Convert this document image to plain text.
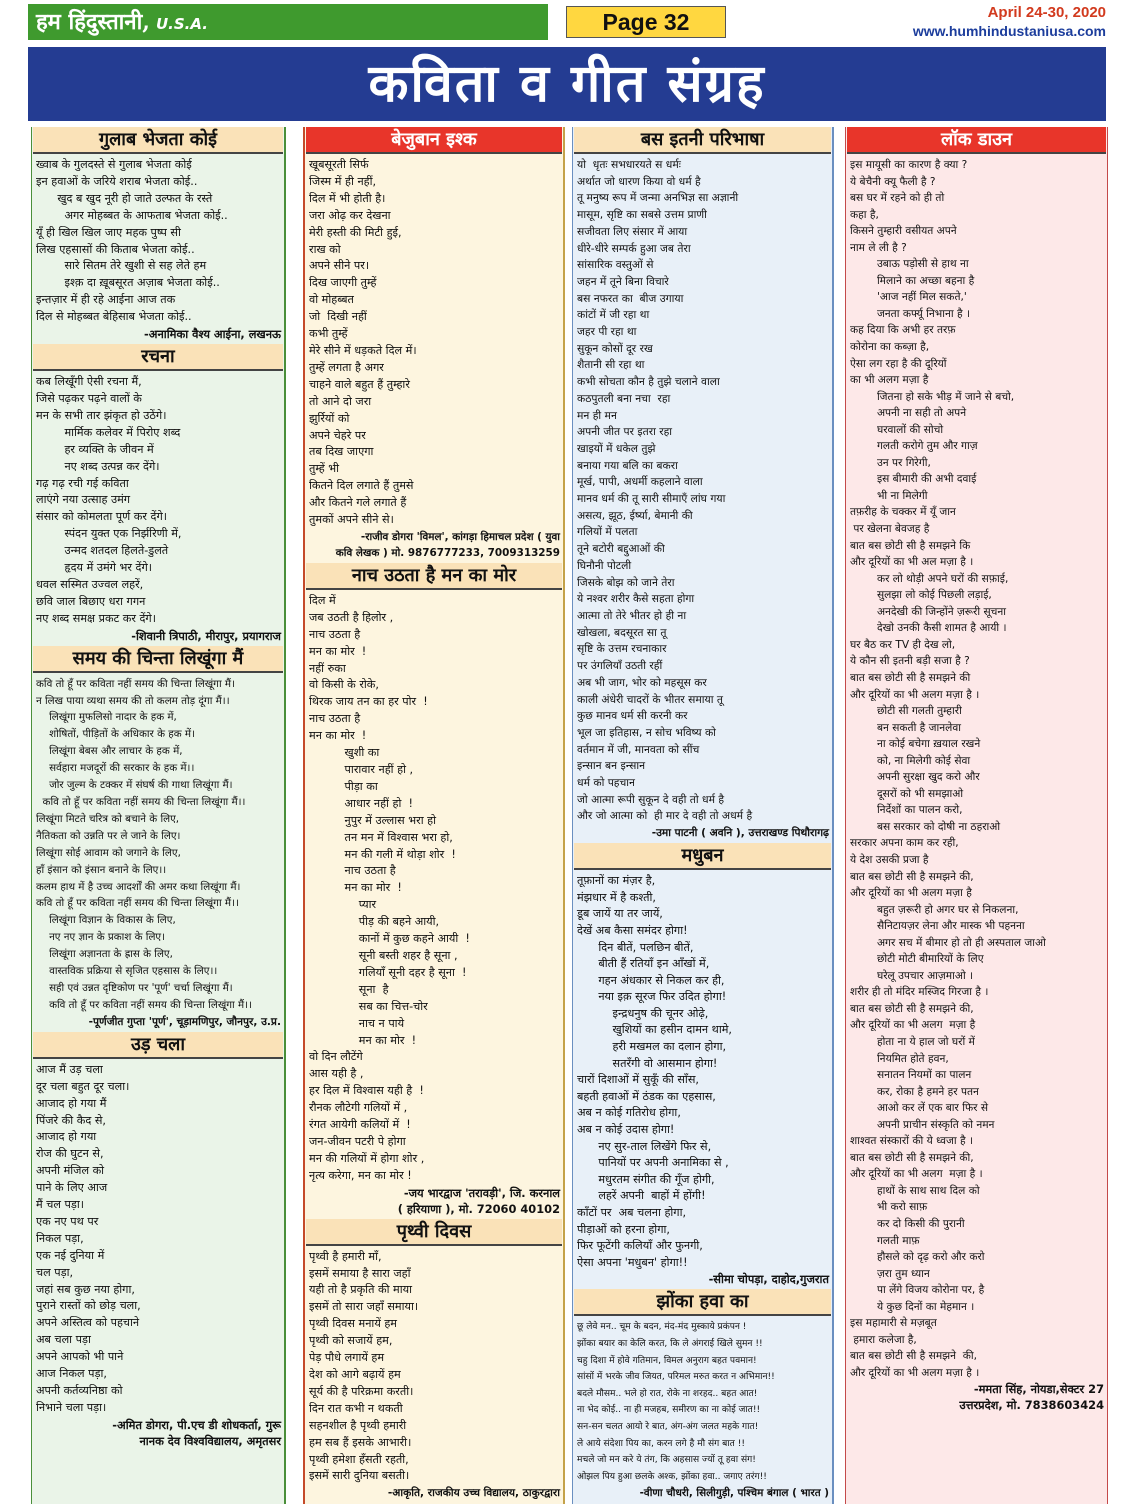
हम हिंदुस्तानी, U.S.A.	Page 32	April 24-30, 2020
www.humhindustaniusa.com
कविता व गीत संग्रह
गुलाब भेजता कोई
ख्वाब के गुलदस्ते से गुलाब भेजता कोई
इन हवाओं के जरिये शराब भेजता कोई..
खुद ब खुद नूरी हो जाते उल्फत के रस्ते
अगर मोहब्बत के आफताब भेजता कोई..
यूँ ही खिल खिल जाए महक पुष्प सी
लिख एहसासों की किताब भेजता कोई..
सारे सितम तेरे खुशी से सह लेते हम
इश्क़ दा ख़ूबसूरत अज़ाब भेजता कोई..
इन्तज़ार में ही रहे आईना आज तक
दिल से मोहब्बत बेहिसाब भेजता कोई..
-अनामिका वैश्य आईना, लखनऊ
रचना
कब लिखूँगी ऐसी रचना मैं,
जिसे पढ़कर पढ़ने वालों के
मन के सभी तार झंकृत हो उठेंगे।
मार्मिक कलेवर में पिरोए शब्द
हर व्यक्ति के जीवन में
नए शब्द उत्पन्न कर देंगे।
गढ़ गढ़ रची गई कविता
लाएंगे नया उत्साह उमंग
संसार को कोमलता पूर्ण कर देंगे।
स्पंदन युक्त एक निर्झरिणी में,
उन्मद शतदल हिलते-डुलते
हृदय में उमंगे भर देंगे।
धवल सस्मित उज्वल लहरें,
छवि जाल बिछाए धरा गगन
नए शब्द समक्ष प्रकट कर देंगे।
-शिवानी त्रिपाठी, मीरापुर, प्रयागराज
समय की चिन्ता लिखूंगा मैं
कवि तो हूँ पर कविता नहीं समय की चिन्ता लिखूंगा मैं।
न लिख पाया व्यथा समय की तो कलम तोड़ दूंगा मैं।।
लिखूंगा मुफलिसो नादार के हक में,
शोषितों, पीड़ितों के अधिकार के हक में।
लिखूंगा बेबस और लाचार के हक में,
सर्वहारा मजदूरों की सरकार के हक में।।
जोर जुल्म के टक्कर में संघर्ष की गाथा लिखूंगा मैं।
कवि तो हूँ पर कविता नहीं समय की चिन्ता लिखूंगा मैं।।
लिखूंगा मिटते चरित्र को बचाने के लिए,
नैतिकता को उन्नति पर ले जाने के लिए।
लिखूंगा सोई आवाम को जगाने के लिए,
हाँ इंसान को इंसान बनाने के लिए।।
कलम हाथ में है उच्च आदर्शों की अमर कथा लिखूंगा मैं।
कवि तो हूँ पर कविता नहीं समय की चिन्ता लिखूंगा मैं।।
लिखूंगा विज्ञान के विकास के लिए,
नए नए ज्ञान के प्रकाश के लिए।
लिखूंगा अज्ञानता के ह्रास के लिए,
वास्तविक प्रक्रिया से सृजित एहसास के लिए।।
सही एवं उन्नत दृष्टिकोण पर 'पूर्ण' चर्चा लिखूंगा मैं।
कवि तो हूँ पर कविता नहीं समय की चिन्ता लिखूंगा मैं।।
-पूर्णजीत गुप्ता 'पूर्ण', चूड़ामणिपुर, जौनपुर, उ.प्र.
उड़ चला
आज मैं उड़ चला
दूर चला बहुत दूर चला।
आजाद हो गया मैं
पिंजरे की कैद से,
आजाद हो गया
रोज की घुटन से,
अपनी मंजिल को
पाने के लिए आज
मैं चल पड़ा।
एक नए पथ पर
निकल पड़ा,
एक नई दुनिया में
चल पड़ा,
जहां सब कुछ नया होगा,
पुराने रास्तों को छोड़ चला,
अपने अस्तित्व को पहचाने
अब चला पड़ा
अपने आपको भी पाने
आज निकल पड़ा,
अपनी कर्तव्यनिष्ठा को
निभाने चला पड़ा।
-अमित डोगरा, पी.एच डी शोधकर्ता, गुरू
नानक देव विश्वविद्यालय, अमृतसर
बेजुबान इश्क
खूबसूरती सिर्फ
जिस्म में ही नहीं,
दिल में भी होती है।
जरा ओढ़ कर देखना
मेरी हस्ती की मिटी हुई,
राख को
अपने सीने पर।
दिख जाएगी तुम्हें
वो मोहब्बत
जो  दिखी नहीं
कभी तुम्हें
मेरे सीने में धड़कते दिल में।
तुम्हें लगता है अगर
चाहने वाले बहुत हैं तुम्हारे
तो आने दो जरा
झुर्रियों को
अपने चेहरे पर
तब दिख जाएगा
तुम्हें भी
कितने दिल लगाते हैं तुमसे
और कितने गले लगाते हैं
तुमकों अपने सीने से।
-राजीव डोगरा 'विमल', कांगड़ा हिमाचल प्रदेश ( युवा
कवि लेखक ) मो. 9876777233, 7009313259
नाच उठता है मन का मोर
दिल में
जब उठती है हिलोर ,
नाच उठता है
मन का मोर  !
नहीं रुका
वो किसी के रोके,
थिरक जाय तन का हर पोर  !
नाच उठता है
मन का मोर  !
खुशी का
पारावार नहीं हो ,
पीड़ा का
आधार नहीं हो  !
नुपुर में उल्लास भरा हो
तन मन में विश्वास भरा हो,
मन की गली में थोड़ा शोर  !
नाच उठता है
मन का मोर  !
प्यार
पीड़ की बहने आयी,
कानों में कुछ कहने आयी  !
सूनी बस्ती शहर है सूना ,
गलियाँ सूनी दहर है सूना  !
सूना  है
सब का चित्त-चोर
नाच न पाये
मन का मोर  !
वो दिन लौटेंगे
आस यही है ,
हर दिल में विश्वास यही है  !
रौनक लौटेगी गलियों में ,
रंगत आयेगी कलियों में  !
जन-जीवन पटरी पे होगा
मन की गलियों में होगा शोर ,
नृत्य करेगा, मन का मोर !
-जय भारद्वाज 'तरावड़ी', जि. करनाल
( हरियाणा ), मो. 72060 40102
पृथ्वी दिवस
पृथ्वी है हमारी माँ,
इसमें समाया है सारा जहाँ
यही तो है प्रकृति की माया
इसमें तो सारा जहाँ समाया।
पृथ्वी दिवस मनायें हम
पृथ्वी को सजायें हम,
पेड़ पौधे लगायें हम
देश को आगे बढ़ायें हम
सूर्य की है परिक्रमा करती।
दिन रात कभी न थकती
सहनशील है पृथ्वी हमारी
हम सब हैं इसके आभारी।
पृथ्वी हमेशा हँसती रहती,
इसमें सारी दुनिया बसती।
-आकृति, राजकीय उच्च विद्यालय, ठाकुरद्वारा
बस इतनी परिभाषा
यो  धृतः सभधारयते स धर्मः
अर्थात जो धारण किया वो धर्म है
तू मनुष्य रूप में जन्मा अनभिज्ञ सा अज्ञानी
मासूम, सृष्टि का सबसे उत्तम प्राणी
सजीवता लिए संसार में आया
धीरे-धीरे सम्पर्क हुआ जब तेरा
सांसारिक वस्तुओं से
जहन में तूने बिना विचारे
बस नफरत का  बीज उगाया
कांटों में जी रहा था
जहर पी रहा था
सुकून कोसों दूर रख
शैतानी सी रहा था
कभी सोचता कौन है तुझे चलाने वाला
कठपुतली बना नचा  रहा
मन ही मन
अपनी जीत पर इतरा रहा
खाइयों में धकेल तुझे
बनाया गया बलि का बकरा
मूर्ख, पापी, अधर्मी कहलाने वाला
मानव धर्म की तू सारी सीमाएँ लांघ गया
असत्य, झूठ, ईर्ष्या, बेमानी की
गलियों में पलता
तूने बटोरी बद्दुआओं की
घिनौनी पोटली
जिसके बोझ को जाने तेरा
ये नश्वर शरीर कैसे सहता होगा
आत्मा तो तेरे भीतर हो ही ना
खोखला, बदसूरत सा तू
सृष्टि के उत्तम रचनाकार
पर उंगलियाँ उठती रहीं
अब भी जाग, भोर को महसूस कर
काली अंधेरी चादरों के भीतर समाया तू
कुछ मानव धर्म सी करनी कर
भूल जा इतिहास, न सोच भविष्य को
वर्तमान में जी, मानवता को सींच
इन्सान बन इन्सान
धर्म को पहचान
जो आत्मा रूपी सुकून दे वही तो धर्म है
और जो आत्मा को  ही मार दे वही तो अधर्म है
-उमा पाटनी ( अवनि ), उत्तराखण्ड पिथौरागढ़
मधुबन
तूफ़ानों का मंज़र है,
मंझधार में है कश्ती,
डूब जायें या तर जायें,
देखें अब कैसा समंदर होगा!
दिन बीतें, पलछिन बीतें,
बीती हैं रतियाँ इन आँखों में,
गहन अंधकार से निकल कर ही,
नया इक़ सूरज फिर उदित होगा!
इन्द्रधनुष की चूनर ओढ़े,
खुशियों का हसीन दामन थामे,
हरी मखमल का दलान होगा,
सतरँगी वो आसमान होगा!
चारों दिशाओं में सुकूँ की साँस,
बहती हवाओं में ठंडक का एहसास,
अब न कोई गतिरोध होगा,
अब न कोई उदास होगा!
नए सुर-ताल लिखेंगे फिर से,
पानियों पर अपनी अनामिका से ,
मधुरतम संगीत की गूँज होगी,
लहरें अपनी  बाहों में होंगी!
काँटों पर  अब चलना होगा,
पीड़ाओं को हरना होगा,
फिर फूटेंगी कलियाँ और फुनगी,
ऐसा अपना 'मधुबन' होगा!!
-सीमा चोपड़ा, दाहोद,गुजरात
झोंका हवा का
छू लेवे मन.. चूम के बदन, मंद-मंद मुस्काये प्रकंपन !
झोंका बयार का केलि करत, कि ले अंगराई खिले सुमन !!
चहु दिशा में होवे गतिमान, विमल अनुराग बहत पवमान!
सांसों में भरके जीव जियत, परिमल मरुत करत न अभिमान!!
बदले मौसम.. भले हो रात, रोके ना शरहद.. बहत आत!
ना भेद कोई.. ना ही मजहब, समीरण का ना कोई जात!!
सन-सन चलत आयो रे बात, अंग-अंग जलत महके गात!
ले आये संदेशा पिय का, करन लगे है मौ संग बात !!
मचले जो मन करे ये तंग, कि अहसास ज्यों तू हवा संग!
ओझल पिय हुआ छलके अश्क, झोंका हवा.. जगाए तरंग!!
-वीणा चौधरी, सिलीगुड़ी, पश्चिम बंगाल ( भारत )
लॉक डाउन
इस मायूसी का कारण है क्या ?
ये बेचैनी क्यू फैली है ?
बस घर में रहने को ही तो
कहा है,
किसने तुम्हारी वसीयत अपने
नाम ले ली है ?
उबाऊ पड़ोसी से हाथ ना
मिलाने का अच्छा बहना है
'आज नहीं मिल सकते,'
जनता कर्फ्यू निभाना है ।
कह दिया कि अभी हर तरफ़
कोरोना का कब्ज़ा है,
ऐसा लग रहा है की दूरियों
का भी अलग मज़ा है
जितना हो सके भीड़ में जाने से बचो,
अपनी ना सही तो अपने
घरवालों की सोचो
गलती करोगे तुम और गाज़
उन पर गिरेगी,
इस बीमारी की अभी दवाई
भी ना मिलेगी
तफ़रीह के चक्कर में यूँ जान
पर खेलना बेवजह है
बात बस छोटी सी है समझने कि
और दूरियों का भी अल मज़ा है ।
कर लो थोड़ी अपने घरों की सफ़ाई,
सुलझा लो कोई पिछली लड़ाई,
अनदेखी की जिन्होंने ज़रूरी सूचना
देखो उनकी कैसी शामत है आयी ।
घर बैठ कर TV ही देख लो,
ये कौन सी इतनी बड़ी सजा है ?
बात बस छोटी सी है समझने की
और दूरियों का भी अलग मज़ा है ।
छोटी सी गलती तुम्हारी
बन सकती है जानलेवा
ना कोई बचेगा ख़याल रखने
को, ना मिलेगी कोई सेवा
अपनी सुरक्षा खुद करो और
दूसरों को भी समझाओ
निर्देशों का पालन करो,
बस सरकार को दोषी ना ठहराओ
सरकार अपना काम कर रही,
ये देश उसकी प्रजा है
बात बस छोटी सी है समझने की,
और दूरियों का भी अलग मज़ा है
बहुत ज़रूरी हो अगर घर से निकलना,
सैनिटायज़र लेना और मास्क भी पहनना
अगर सच में बीमार हो तो ही अस्पताल जाओ
छोटी मोटी बीमारियों के लिए
घरेलू उपचार आज़माओ ।
शरीर ही तो मंदिर मस्जिद गिरजा है ।
बात बस छोटी सी है समझने की,
और दूरियों का भी अलग  मज़ा है
होता ना ये हाल जो घरों में
नियमित होते हवन,
सनातन नियमों का पालन
कर, रोका है हमने हर पतन
आओ कर लें एक बार फिर से
अपनी प्राचीन संस्कृति को नमन
शाश्वत संस्कारों की ये ध्वजा है ।
बात बस छोटी सी है समझने की,
और दूरियों का भी अलग  मज़ा है ।
हाथों के साथ साथ दिल को
भी करो साफ़
कर दो किसी की पुरानी
गलती माफ़
हौसले को दृढ़ करो और करो
ज़रा तुम ध्यान
पा लेंगे विजय कोरोना पर, है
ये कुछ दिनों का मेहमान ।
इस महामारी से मज़बूत
हमारा कलेजा है,
बात बस छोटी सी है समझने  की,
और दूरियों का भी अलग मज़ा है ।
-ममता सिंह, नोयडा,सेक्टर 27
उत्तरप्रदेश, मो. 7838603424
